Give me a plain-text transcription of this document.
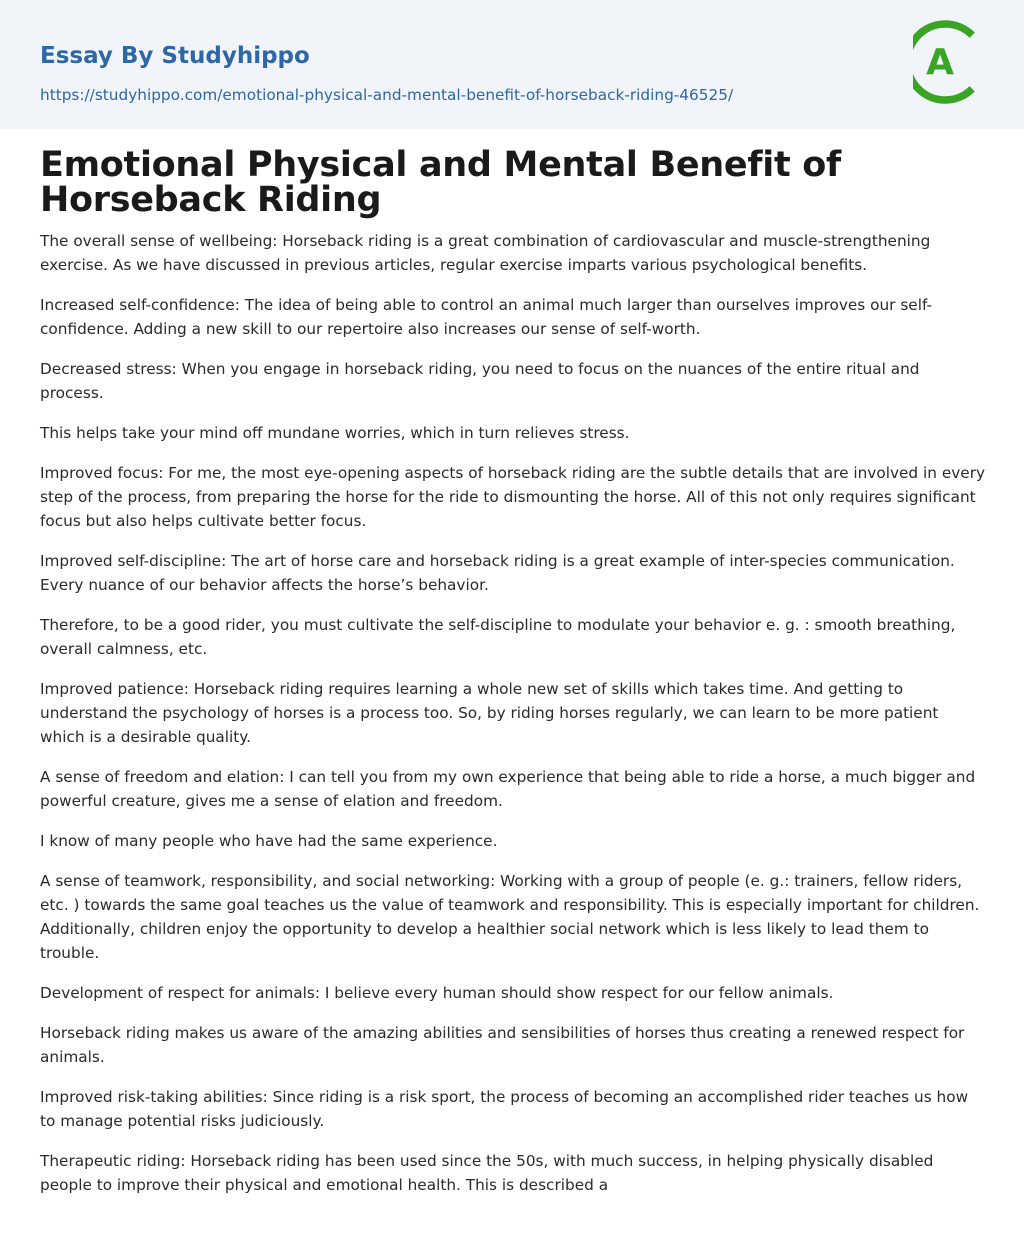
Essay By Studyhippo
https://studyhippo.com/emotional-physical-and-mental-benefit-of-horseback-riding-46525/
A
Emotional Physical and Mental Benefit of Horseback Riding

The overall sense of wellbeing: Horseback riding is a great combination of cardiovascular and muscle-strengthening exercise. As we have discussed in previous articles, regular exercise imparts various psychological benefits.

Increased self-confidence: The idea of being able to control an animal much larger than ourselves improves our self-confidence. Adding a new skill to our repertoire also increases our sense of self-worth.

Decreased stress: When you engage in horseback riding, you need to focus on the nuances of the entire ritual and process.

This helps take your mind off mundane worries, which in turn relieves stress.

Improved focus: For me, the most eye-opening aspects of horseback riding are the subtle details that are involved in every step of the process, from preparing the horse for the ride to dismounting the horse. All of this not only requires significant focus but also helps cultivate better focus.

Improved self-discipline: The art of horse care and horseback riding is a great example of inter-species communication. Every nuance of our behavior affects the horse’s behavior.

Therefore, to be a good rider, you must cultivate the self-discipline to modulate your behavior e. g. : smooth breathing, overall calmness, etc.

Improved patience: Horseback riding requires learning a whole new set of skills which takes time. And getting to understand the psychology of horses is a process too. So, by riding horses regularly, we can learn to be more patient which is a desirable quality.

A sense of freedom and elation: I can tell you from my own experience that being able to ride a horse, a much bigger and powerful creature, gives me a sense of elation and freedom.

I know of many people who have had the same experience.

A sense of teamwork, responsibility, and social networking: Working with a group of people (e. g.: trainers, fellow riders, etc. ) towards the same goal teaches us the value of teamwork and responsibility. This is especially important for children. Additionally, children enjoy the opportunity to develop a healthier social network which is less likely to lead them to trouble.

Development of respect for animals: I believe every human should show respect for our fellow animals.

Horseback riding makes us aware of the amazing abilities and sensibilities of horses thus creating a renewed respect for animals.

Improved risk-taking abilities: Since riding is a risk sport, the process of becoming an accomplished rider teaches us how to manage potential risks judiciously.

Therapeutic riding: Horseback riding has been used since the 50s, with much success, in helping physically disabled people to improve their physical and emotional health. This is described a
